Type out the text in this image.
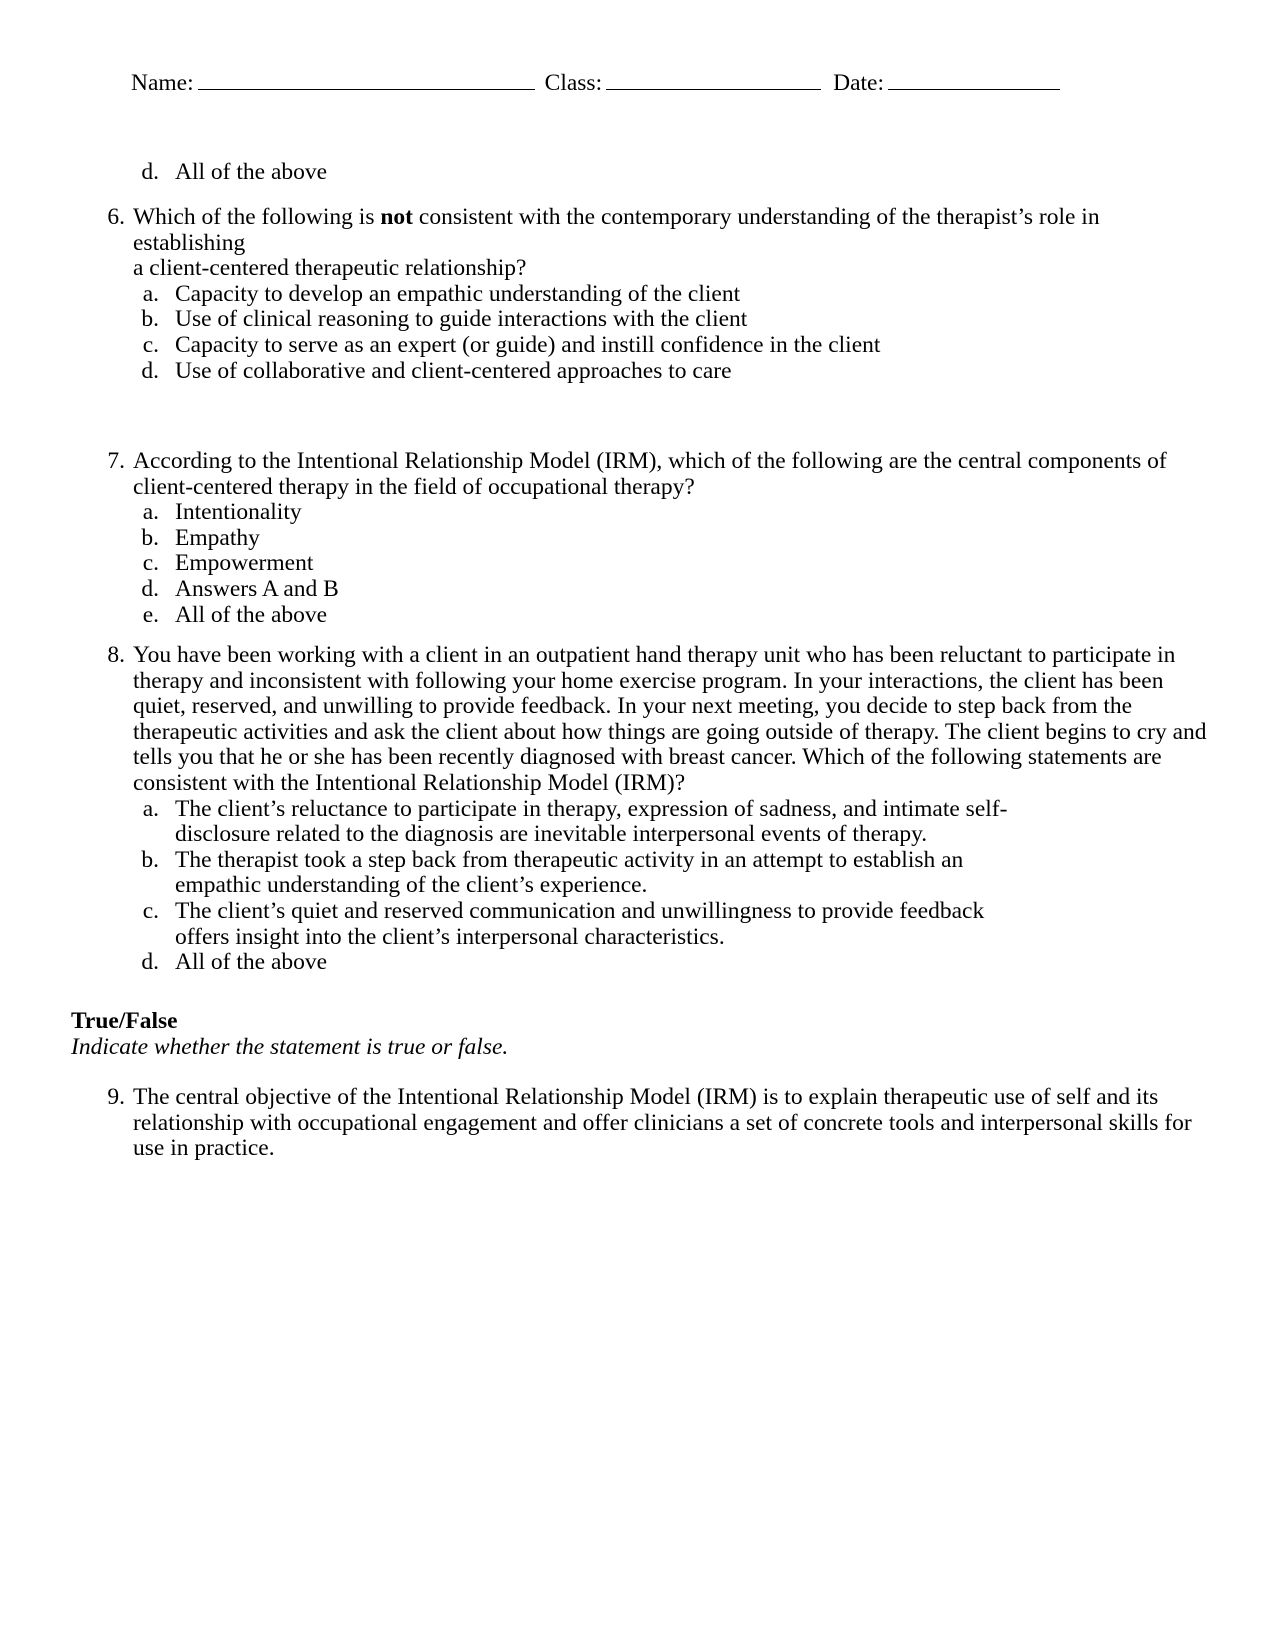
Name:	Class:	Date:
d. All of the above
6. Which of the following is not consistent with the contemporary understanding of the therapist’s role in establishing
a client-centered therapeutic relationship?
a. Capacity to develop an empathic understanding of the client
b. Use of clinical reasoning to guide interactions with the client
c. Capacity to serve as an expert (or guide) and instill confidence in the client
d. Use of collaborative and client-centered approaches to care
7. According to the Intentional Relationship Model (IRM), which of the following are the central components of
client-centered therapy in the field of occupational therapy?
a. Intentionality
b. Empathy
c. Empowerment
d. Answers A and B
e. All of the above
8. You have been working with a client in an outpatient hand therapy unit who has been reluctant to participate in
therapy and inconsistent with following your home exercise program. In your interactions, the client has been
quiet, reserved, and unwilling to provide feedback. In your next meeting, you decide to step back from the
therapeutic activities and ask the client about how things are going outside of therapy. The client begins to cry and
tells you that he or she has been recently diagnosed with breast cancer. Which of the following statements are
consistent with the Intentional Relationship Model (IRM)?
a. The client’s reluctance to participate in therapy, expression of sadness, and intimate self-
disclosure related to the diagnosis are inevitable interpersonal events of therapy.
b. The therapist took a step back from therapeutic activity in an attempt to establish an
empathic understanding of the client’s experience.
c. The client’s quiet and reserved communication and unwillingness to provide feedback
offers insight into the client’s interpersonal characteristics.
d. All of the above
True/False
Indicate whether the statement is true or false.
9. The central objective of the Intentional Relationship Model (IRM) is to explain therapeutic use of self and its
relationship with occupational engagement and offer clinicians a set of concrete tools and interpersonal skills for
use in practice.
